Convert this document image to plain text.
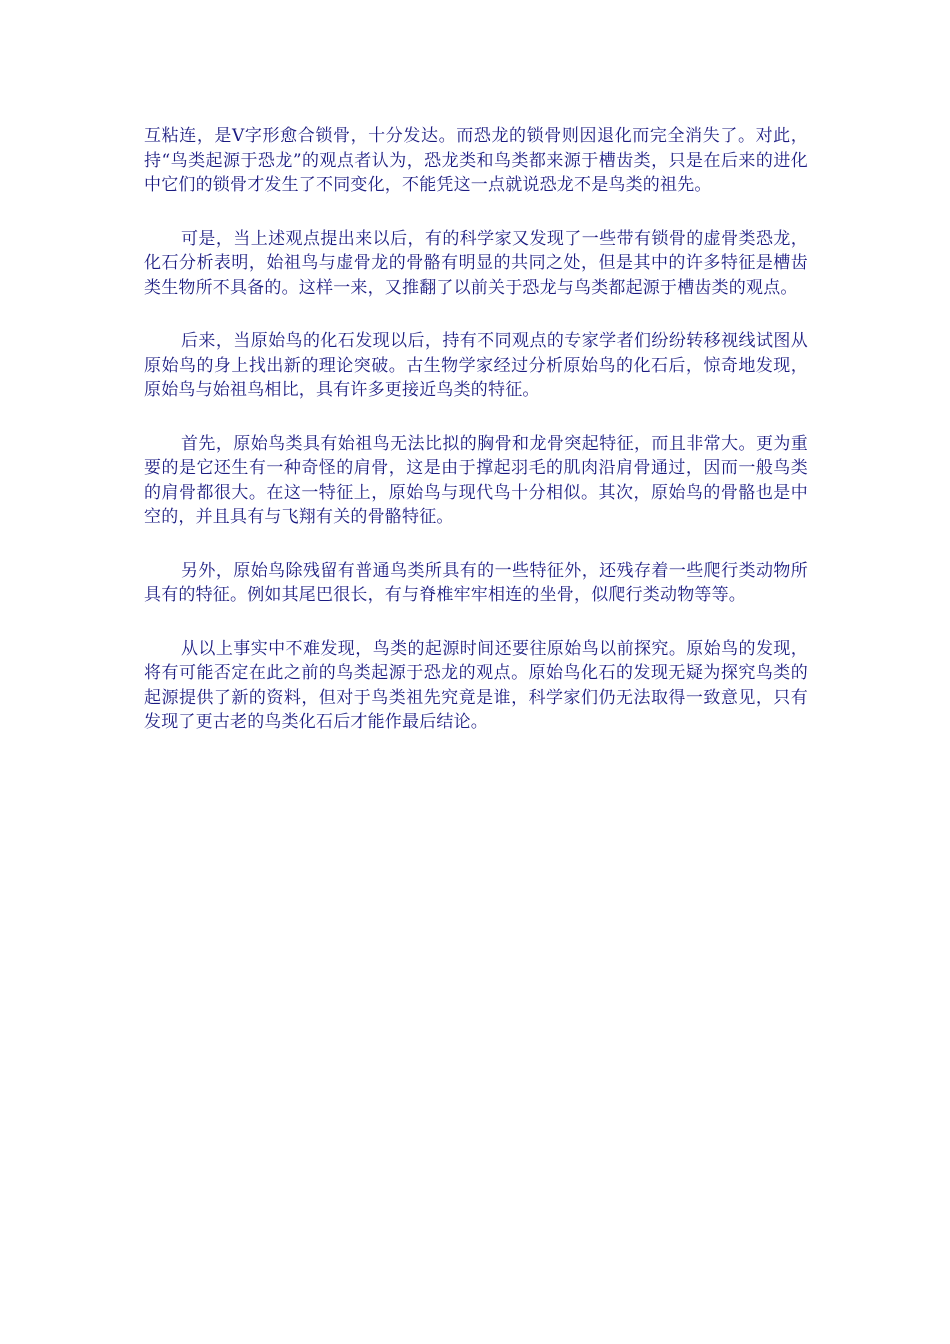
互粘连，是V字形愈合锁骨，十分发达。而恐龙的锁骨则因退化而完全消失了。对此，持“鸟类起源于恐龙”的观点者认为，恐龙类和鸟类都来源于槽齿类，只是在后来的进化中它们的锁骨才发生了不同变化，不能凭这一点就说恐龙不是鸟类的祖先。

可是，当上述观点提出来以后，有的科学家又发现了一些带有锁骨的虚骨类恐龙，化石分析表明，始祖鸟与虚骨龙的骨骼有明显的共同之处，但是其中的许多特征是槽齿类生物所不具备的。这样一来，又推翻了以前关于恐龙与鸟类都起源于槽齿类的观点。

后来，当原始鸟的化石发现以后，持有不同观点的专家学者们纷纷转移视线试图从原始鸟的身上找出新的理论突破。古生物学家经过分析原始鸟的化石后，惊奇地发现，原始鸟与始祖鸟相比，具有许多更接近鸟类的特征。

首先，原始鸟类具有始祖鸟无法比拟的胸骨和龙骨突起特征，而且非常大。更为重要的是它还生有一种奇怪的肩骨，这是由于撑起羽毛的肌肉沿肩骨通过，因而一般鸟类的肩骨都很大。在这一特征上，原始鸟与现代鸟十分相似。其次，原始鸟的骨骼也是中空的，并且具有与飞翔有关的骨骼特征。

另外，原始鸟除残留有普通鸟类所具有的一些特征外，还残存着一些爬行类动物所具有的特征。例如其尾巴很长，有与脊椎牢牢相连的坐骨，似爬行类动物等等。

从以上事实中不难发现，鸟类的起源时间还要往原始鸟以前探究。原始鸟的发现，将有可能否定在此之前的鸟类起源于恐龙的观点。原始鸟化石的发现无疑为探究鸟类的起源提供了新的资料，但对于鸟类祖先究竟是谁，科学家们仍无法取得一致意见，只有发现了更古老的鸟类化石后才能作最后结论。
